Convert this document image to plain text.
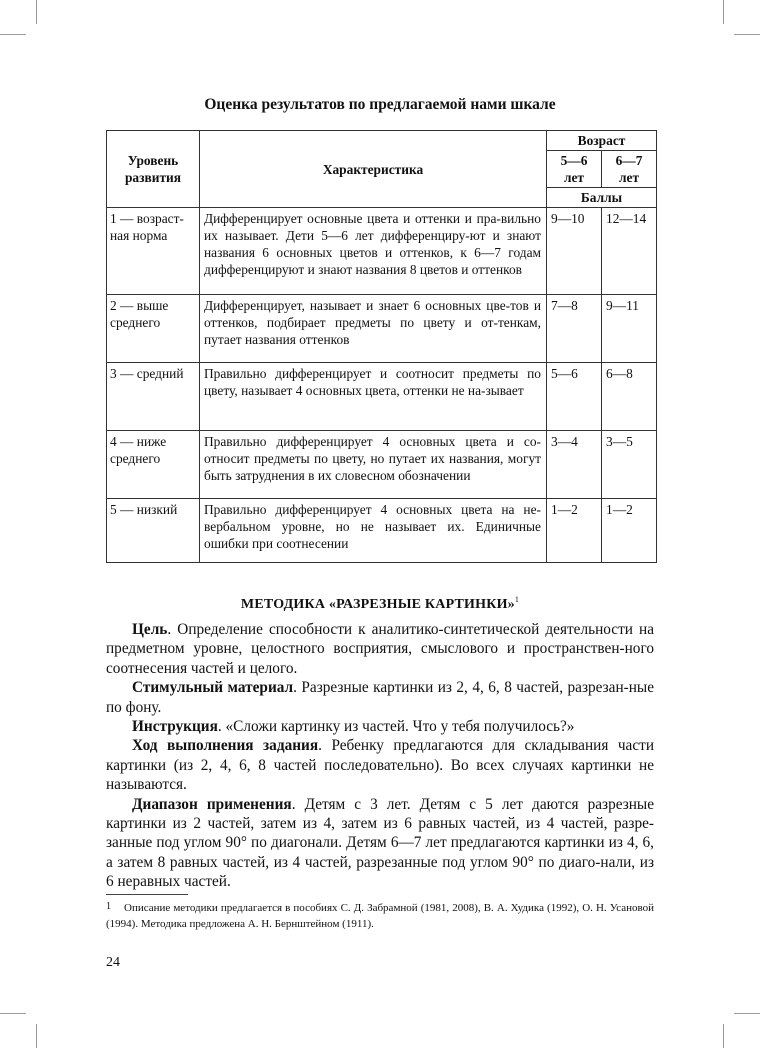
Оценка результатов по предлагаемой нами шкале
Уровень развития	Характеристика	Возраст	
		5—6 лет	6—7 лет
		Баллы	
1 — возраст-ная норма	Дифференцирует основные цвета и оттенки и пра-вильно их называет. Дети 5—6 лет дифференциру-ют и знают названия 6 основных цветов и оттенков, к 6—7 годам дифференцируют и знают названия 8 цветов и оттенков	9—10	12—14
2 — выше среднего	Дифференцирует, называет и знает 6 основных цве-тов и оттенков, подбирает предметы по цвету и от-тенкам, путает названия оттенков	7—8	9—11
3 — средний	Правильно дифференцирует и соотносит предметы по цвету, называет 4 основных цвета, оттенки не на-зывает	5—6	6—8
4 — ниже среднего	Правильно дифференцирует 4 основных цвета и со-относит предметы по цвету, но путает их названия, могут быть затруднения в их словесном обозначении	3—4	3—5
5 — низкий	Правильно дифференцирует 4 основных цвета на не-вербальном уровне, но не называет их. Единичные ошибки при соотнесении	1—2	1—2
МЕТОДИКА «РАЗРЕЗНЫЕ КАРТИНКИ»$^1$

Цель. Определение способности к аналитико-синтетической деятельности на предметном уровне, целостного восприятия, смыслового и пространствен-ного соотнесения частей и целого.

Стимульный материал. Разрезные картинки из 2, 4, 6, 8 частей, разрезан-ные по фону.

Инструкция. «Сложи картинку из частей. Что у тебя получилось?»

Ход выполнения задания. Ребенку предлагаются для складывания части картинки (из 2, 4, 6, 8 частей последовательно). Во всех случаях картинки не называются.

Диапазон применения. Детям с 3 лет. Детям с 5 лет даются разрезные картинки из 2 частей, затем из 4, затем из 6 равных частей, из 4 частей, разре-занные под углом 90° по диагонали. Детям 6—7 лет предлагаются картинки из 4, 6, а затем 8 равных частей, из 4 частей, разрезанные под углом 90° по диаго-нали, из 6 неравных частей.

1 Описание методики предлагается в пособиях С. Д. Забрамной (1981, 2008), В. А. Худика (1992), О. Н. Усановой (1994). Методика предложена А. Н. Бернштейном (1911).
24
